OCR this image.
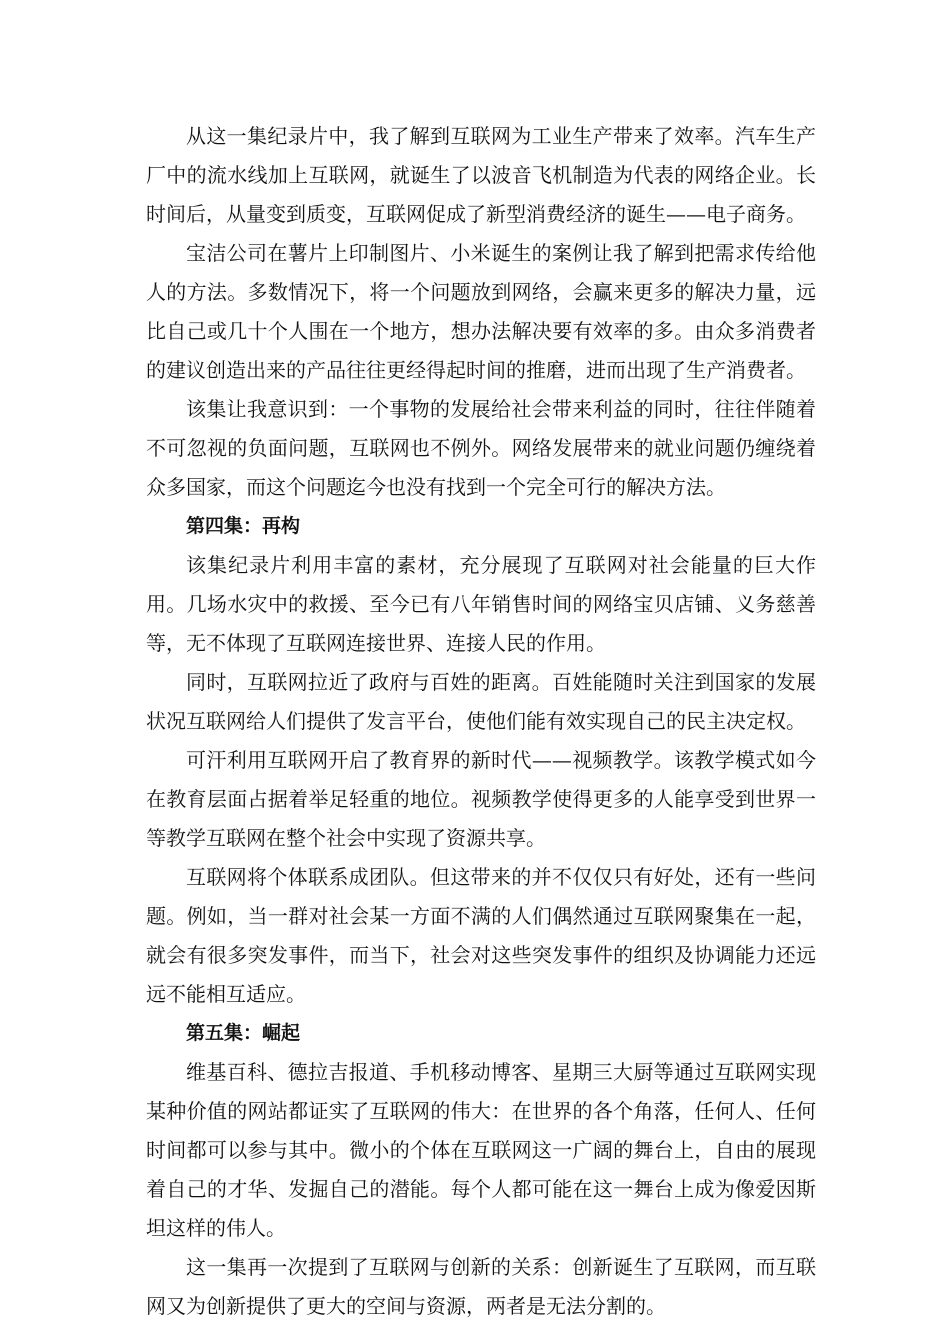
从这一集纪录片中，我了解到互联网为工业生产带来了效率。汽车生产厂中的流水线加上互联网，就诞生了以波音飞机制造为代表的网络企业。长时间后，从量变到质变，互联网促成了新型消费经济的诞生——电子商务。

宝洁公司在薯片上印制图片、小米诞生的案例让我了解到把需求传给他人的方法。多数情况下，将一个问题放到网络，会赢来更多的解决力量，远比自己或几十个人围在一个地方，想办法解决要有效率的多。由众多消费者的建议创造出来的产品往往更经得起时间的推磨，进而出现了生产消费者。

该集让我意识到：一个事物的发展给社会带来利益的同时，往往伴随着不可忽视的负面问题，互联网也不例外。网络发展带来的就业问题仍缠绕着众多国家，而这个问题迄今也没有找到一个完全可行的解决方法。

第四集：再构

该集纪录片利用丰富的素材，充分展现了互联网对社会能量的巨大作用。几场水灾中的救援、至今已有八年销售时间的网络宝贝店铺、义务慈善等，无不体现了互联网连接世界、连接人民的作用。

同时，互联网拉近了政府与百姓的距离。百姓能随时关注到国家的发展状况互联网给人们提供了发言平台，使他们能有效实现自己的民主决定权。

可汗利用互联网开启了教育界的新时代——视频教学。该教学模式如今在教育层面占据着举足轻重的地位。视频教学使得更多的人能享受到世界一等教学互联网在整个社会中实现了资源共享。

互联网将个体联系成团队。但这带来的并不仅仅只有好处，还有一些问题。例如，当一群对社会某一方面不满的人们偶然通过互联网聚集在一起，就会有很多突发事件，而当下，社会对这些突发事件的组织及协调能力还远远不能相互适应。

第五集：崛起

维基百科、德拉吉报道、手机移动博客、星期三大厨等通过互联网实现某种价值的网站都证实了互联网的伟大：在世界的各个角落，任何人、任何时间都可以参与其中。微小的个体在互联网这一广阔的舞台上，自由的展现着自己的才华、发掘自己的潜能。每个人都可能在这一舞台上成为像爱因斯坦这样的伟人。

这一集再一次提到了互联网与创新的关系：创新诞生了互联网，而互联网又为创新提供了更大的空间与资源，两者是无法分割的。
